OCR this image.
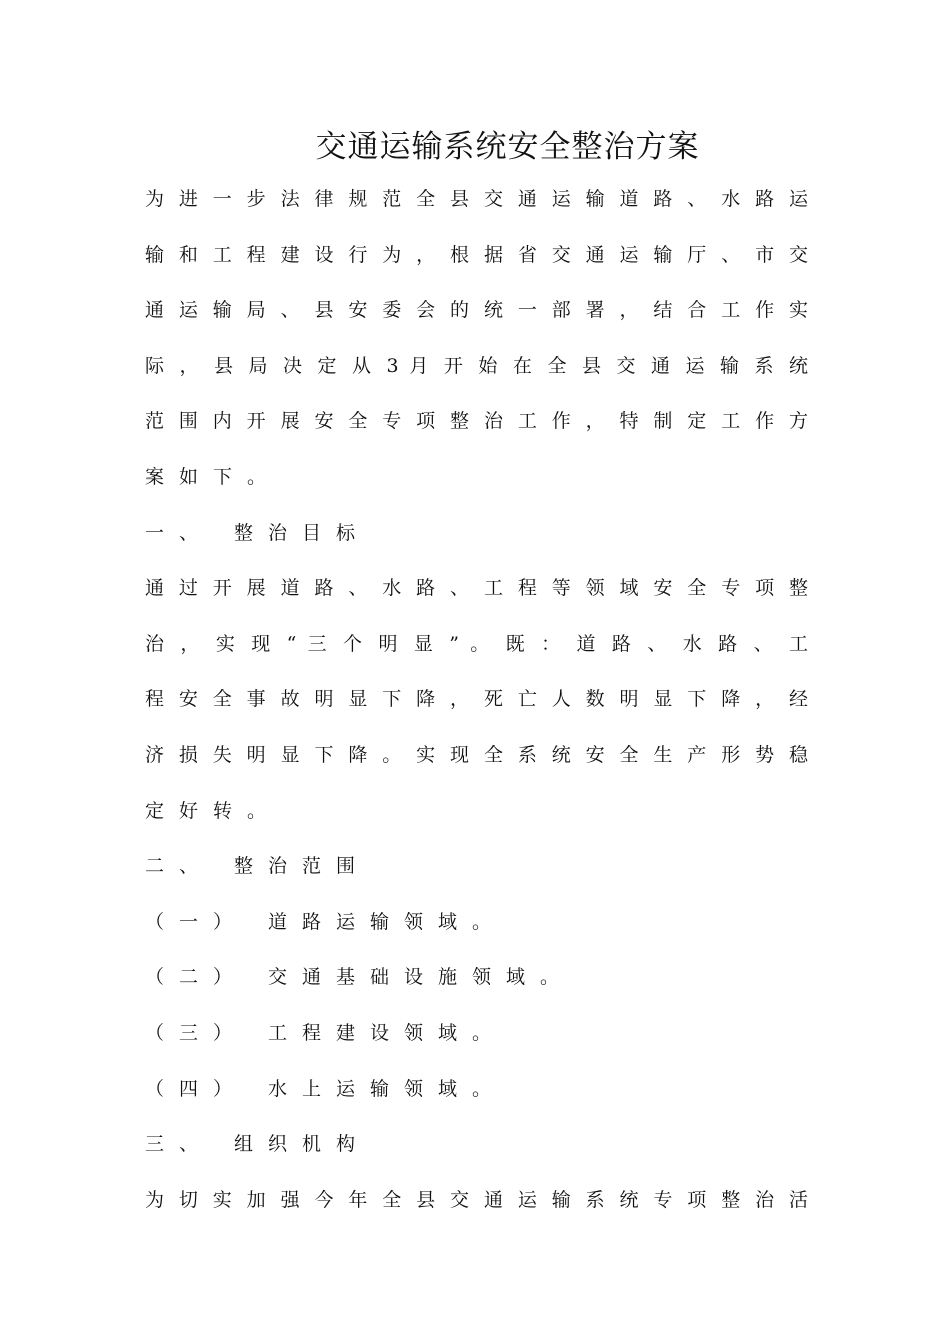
交通运输系统安全整治方案
为 进 一 步 法 律 规 范 全 县 交 通 运 输 道 路 、 水 路 运
输 和 工 程 建 设 行 为 ， 根 据 省 交 通 运 输 厅 、 市 交
通 运 输 局 、 县 安 委 会 的 统 一 部 署 ， 结 合 工 作 实
际 ， 县 局 决 定 从 3 月 开 始 在 全 县 交 通 运 输 系 统
范 围 内 开 展 安 全 专 项 整 治 工 作 ， 特 制 定 工 作 方
案如下。
一、 整治目标
通 过 开 展 道 路 、 水 路 、 工 程 等 领 域 安 全 专 项 整
治 ， 实 现 “ 三 个 明 显 ” 。 既 ： 道 路 、 水 路 、 工
程 安 全 事 故 明 显 下 降 ， 死 亡 人 数 明 显 下 降 ， 经
济 损 失 明 显 下 降 。 实 现 全 系 统 安 全 生 产 形 势 稳
定好转。
二、 整治范围
（一） 道路运输领域。
（二） 交通基础设施领域。
（三） 工程建设领域。
（四） 水上运输领域。
三、 组织机构
为 切 实 加 强 今 年 全 县 交 通 运 输 系 统 专 项 整 治 活
